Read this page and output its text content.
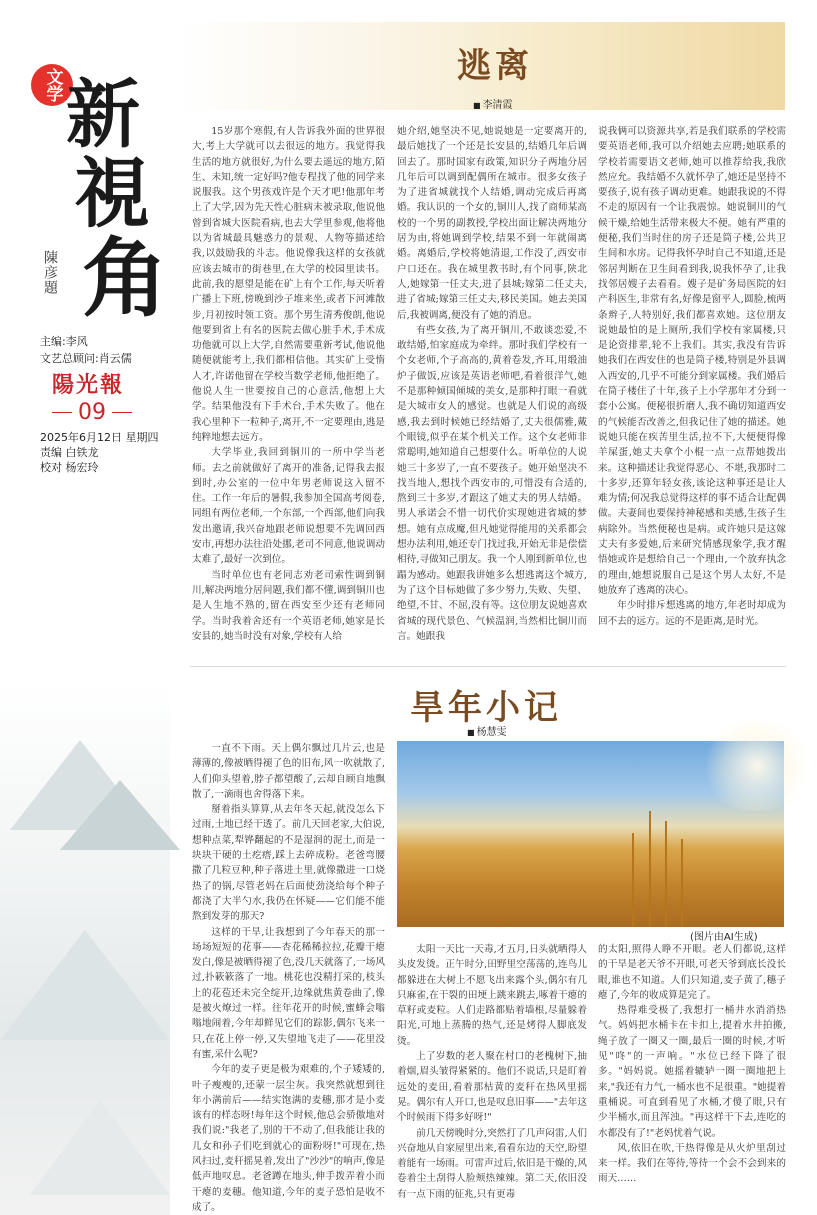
文学 新
視
角
陳彦題
主编:李风
文艺总顾问:肖云儒
陽光報
09
2025年6月12日 星期四
责编 白铁龙
校对 杨宏玲
逃离
■ 李清霞

15岁那个寒假,有人告诉我外面的世界很大,考上大学就可以去很远的地方。我觉得我生活的地方就很好,为什么要去遥远的地方,陌生、未知,统一定好吗?他专程找了他的同学来说服我。这个男孩戏许是个天才吧!他那年考上了大学,因为先天性心脏病未被录取,他说他曾到省城大医院看病,也去大学里参观,他将他以为省城最具魅惑力的景观、人物等描述给我,以鼓励我的斗志。他说像我这样的女孩就应该去城市的街巷里,在大学的校园里读书。此前,我的愿望是能在矿上有个工作,每天听着广播上下班,傍晚到沙子堆来坐,或者下河滩散步,月初按时领工资。那个男生清秀俊朗,他说他要到省上有名的医院去做心脏手术,手术成功他就可以上大学,自然需要重新考试,他说他随便就能考上,我们都相信他。其实矿上受惰人才,许诺他留在学校当数学老师,他拒绝了。他说人生一世要按自己的心意活,他想上大学。结果他没有下手术台,手术失败了。他在我心里种下一粒种子,离开,不一定要理由,逃是纯粹地想去远方。

大学毕业,我回到铜川的一所中学当老师。去之前就做好了离开的准备,记得我去报到时,办公室的一位中年男老师说这入留不住。工作一年后的暑假,我参加全国高考阅卷,同组有两位老师,一个东部,一个西部,他们向我发出邀请,我兴奋地跟老师说想要不先调回西安市,再想办法往沿处挪,老司不同意,他说调动太难了,最好一次到位。

当时单位也有老同志劝老司索性调到铜川,解决两地分居问题,我们都不懂,调到铜川也是人生地不熟的,留在西安至少还有老师同学。当时我着舍还有一个英语老师,她家是长安县的,她当时没有对象,学校有人给

她介绍,她坚决不见,她说她是一定要离开的,最后她找了一个还是长安县的,结婚几年后调回去了。那时国家有政策,知识分子两地分居几年后可以调到配偶所在城市。很多女孩子为了进省城就找个人结婚,调动完成后再离婚。我认识的一个女的,铜川人,找了商师某高校的一个男的副教授,学校出面让解决两地分居为由,将她调到学校,结果不到一年就闹离婚。离婚后,学校将她清退,工作没了,西安市户口还在。我在城里教书时,有个同事,陕北人,她嫁第一任丈夫,进了县城;嫁第二任丈夫,进了省城;嫁第三任丈夫,移民美国。她去美国后,我被调离,便没有了她的消息。

有些女孩,为了离开铜川,不敢谈恋爱,不敢结婚,怕家庭成为牵绊。那时我们学校有一个女老师,个子高高的,黄着卷发,齐耳,用缎油炉子做饭,应该是英语老师吧,看着很洋气,她不是那种倾国倾城的美女,是那种打眼一看就是大城市女人的感觉。也就是人们说的高级感,我去到时候她已经结婚了,丈夫很儒雅,戴个眼镜,似乎在某个机关工作。这个女老师非常聪明,她知道自己想要什么。听单位的人说她三十多岁了,一直不要孩子。她开始坚决不找当地人,想找个西安市的,可惜没有合适的,熬到三十多岁,才跟这了她丈夫的男人结婚。男人承诺会不惜一切代价实现她进省城的梦想。她有点成魔,但凡她觉得能用的关系都会想办法利用,她还专门找过我,开始无非是偿偿相待,寻做知己朋友。我一个人刚到新单位,也蹋为感动。她跟我讲她多么想逃离这个城方,为了这个目标她做了多少努力,失败、失望、绝望,不甘、不屈,没有等。这位朋友说她喜欢省城的现代景色、气候温润,当然相比铜川而言。她跟我

说我俩可以资源共享,若是我们联系的学校需要英语老师,我可以介绍她去应聘;她联系的学校若需要语文老师,她可以推荐给我,我欣然应允。我结婚不久就怀孕了,她还是坚持不要孩子,说有孩子调动更难。她跟我说的不得不走的原因有一个让我震惊。她说铜川的气候干燥,给她生活带来极大不便。她有严重的便秘,我们当时住的房子还是筒子楼,公共卫生间和水房。记得我怀孕时自己不知道,还是邻居判断在卫生间看到我,说我怀孕了,让我找邻居嫂子去看看。嫂子是矿务局医院的妇产科医生,非常有名,好像是窗平人,圆脸,梳两条辫子,人特别好,我们都喜欢她。这位朋友说她最怕的是上厕所,我们学校有家属楼,只是论资排辈,轮不上我们。其实,我没有告诉她我们在西安住的也是筒子楼,特别是外县调入西安的,几乎不可能分到家属楼。我们婚后在筒子楼住了十年,孩子上小学那年才分到一套小公寓。便秘很折磨人,我不确切知道西安的气候能否改善之,但我记住了她的描述。她说她只能在疾苦里生活,拉不下,大便便得像羊屎蛋,她丈夫拿个小棍一点一点帮她拨出来。这种描述让我觉得恶心、不堪,我那时二十多岁,还算年轻女孩,该论这种事还是让人难为情;何况我总觉得这样的事不适合让配偶做。夫妻间也要保持神秘感和美感,生孩子生病除外。当然便秘也是病。或许她只是这嫁丈夫有多爱她,后来研究情感现象学,我才醒悟她或许是想给自己一个理由,一个放弃执念的理由,她想说服自己是这个男人太好,不是她放弃了逃离的决心。

年少时排斥想逃离的地方,年老时却成为回不去的远方。远的不是距离,是时光。

旱年小记
■ 杨慧雯

一直不下雨。天上偶尔飘过几片云,也是薄薄的,像被晒得褪了色的旧布,风一吹就散了,人们仰头望着,脖子都望酸了,云却自顾自地飘散了,一滴雨也舍得落下来。

掰着指头算算,从去年冬天起,就没怎么下过雨,土地已经干透了。前几天回老家,大伯说,想种点菜,犁铧翻起的不是湿润的泥土,而是一块块干硬的土疙瘩,踩上去碎成粉。老爸弯腰撒了几粒豆种,种子落进土里,就像撒进一口烧热了的锅,尽管老妈在后面使劲浇给每个种子都浇了大半勺水,我仍在怀疑——它们能不能熬到发芽的那天?

这样的干旱,让我想到了今年春天的那一场场短短的花事——杏花稀稀拉拉,花瓣干瘪发白,像是被晒得褪了色,没几天就落了,一场风过,扑簌簌落了一地。桃花也没精打采的,枝头上的花苞还未完全绽开,边缘就焦黄卷曲了,像是被火燎过一样。往年花开的时候,蜜蜂会嗡嗡地闹着,今年却鲜见它们的踪影,偶尔飞来一只,在花上停一停,又失望地飞走了——花里没有蜜,采什么呢?

今年的麦子更是极为艰难的,个子矮矮的,叶子瘦瘦的,还蒙一层尘灰。我突然就想到往年小满前后——结实饱满的麦穗,那才是小麦该有的样态呀!每年这个时候,他总会骄傲地对我们说:"我老了,别的干不动了,但我能让我的儿女和孙子们吃到就心的面粉呀!"可现在,热风扫过,麦秆摇晃着,发出了"沙沙"的响声,像是低声地叹息。老爸蹲在地头,伸手拨弄着小而干瘪的麦穗。他知道,今年的麦子恐怕是收不成了。

(图片由AI生成)

太阳一天比一天毒,才五月,日头就晒得人头皮发烫。正午时分,田野里空荡荡的,连鸟儿都躲进在大树上不愿飞出来露个头,偶尔有几只麻雀,在干裂的田埂上跳来跳去,啄着干瘪的草籽或麦粒。人们走路都贴着墙根,尽量躲着阳光,可地上蒸腾的热气,还是烤得人脚底发烫。

上了岁数的老人聚在村口的老槐树下,抽着烟,眉头皱得紧紧的。他们不说话,只是盯着远处的麦田,看着那枯黄的麦秆在热风里摇晃。偶尔有人开口,也是叹息旧事——"去年这个时候雨下得多好呀!"

前几天傍晚时分,突然打了几声闷雷,人们兴奋地从自家屋里出来,看看东边的天空,盼望着能有一场雨。可雷声过后,依旧是干燥的,风卷着尘土刮得人脸颊热辣辣。第二天,依旧没有一点下雨的征兆,只有更毒

的太阳,照得人睁不开眼。老人们都说,这样的干旱是老天爷不开眼,可老天爷到底长没长眼,谁也不知道。人们只知道,麦子黄了,穗子瘪了,今年的收成算是完了。

热得难受极了,我想打一桶井水消消热气。妈妈把水桶卡在卡扣上,提着水井拍搬,绳子放了一圈又一圈,最后一圈的时候,才听见"咚"的一声响。"水位已经下降了很多。"妈妈说。她摇着辘轳一圈一圈地把上来,"我还有力气,一桶水也不足很重。"她提着重桶说。可直到看见了水桶,才傻了眼,只有少半桶水,而且浑浊。"再这样干下去,连吃的水都没有了!"老妈忧着气说。

风,依旧在吹,干热得像是从火炉里刮过来一样。我们在等待,等待一个会不会到来的雨天……
